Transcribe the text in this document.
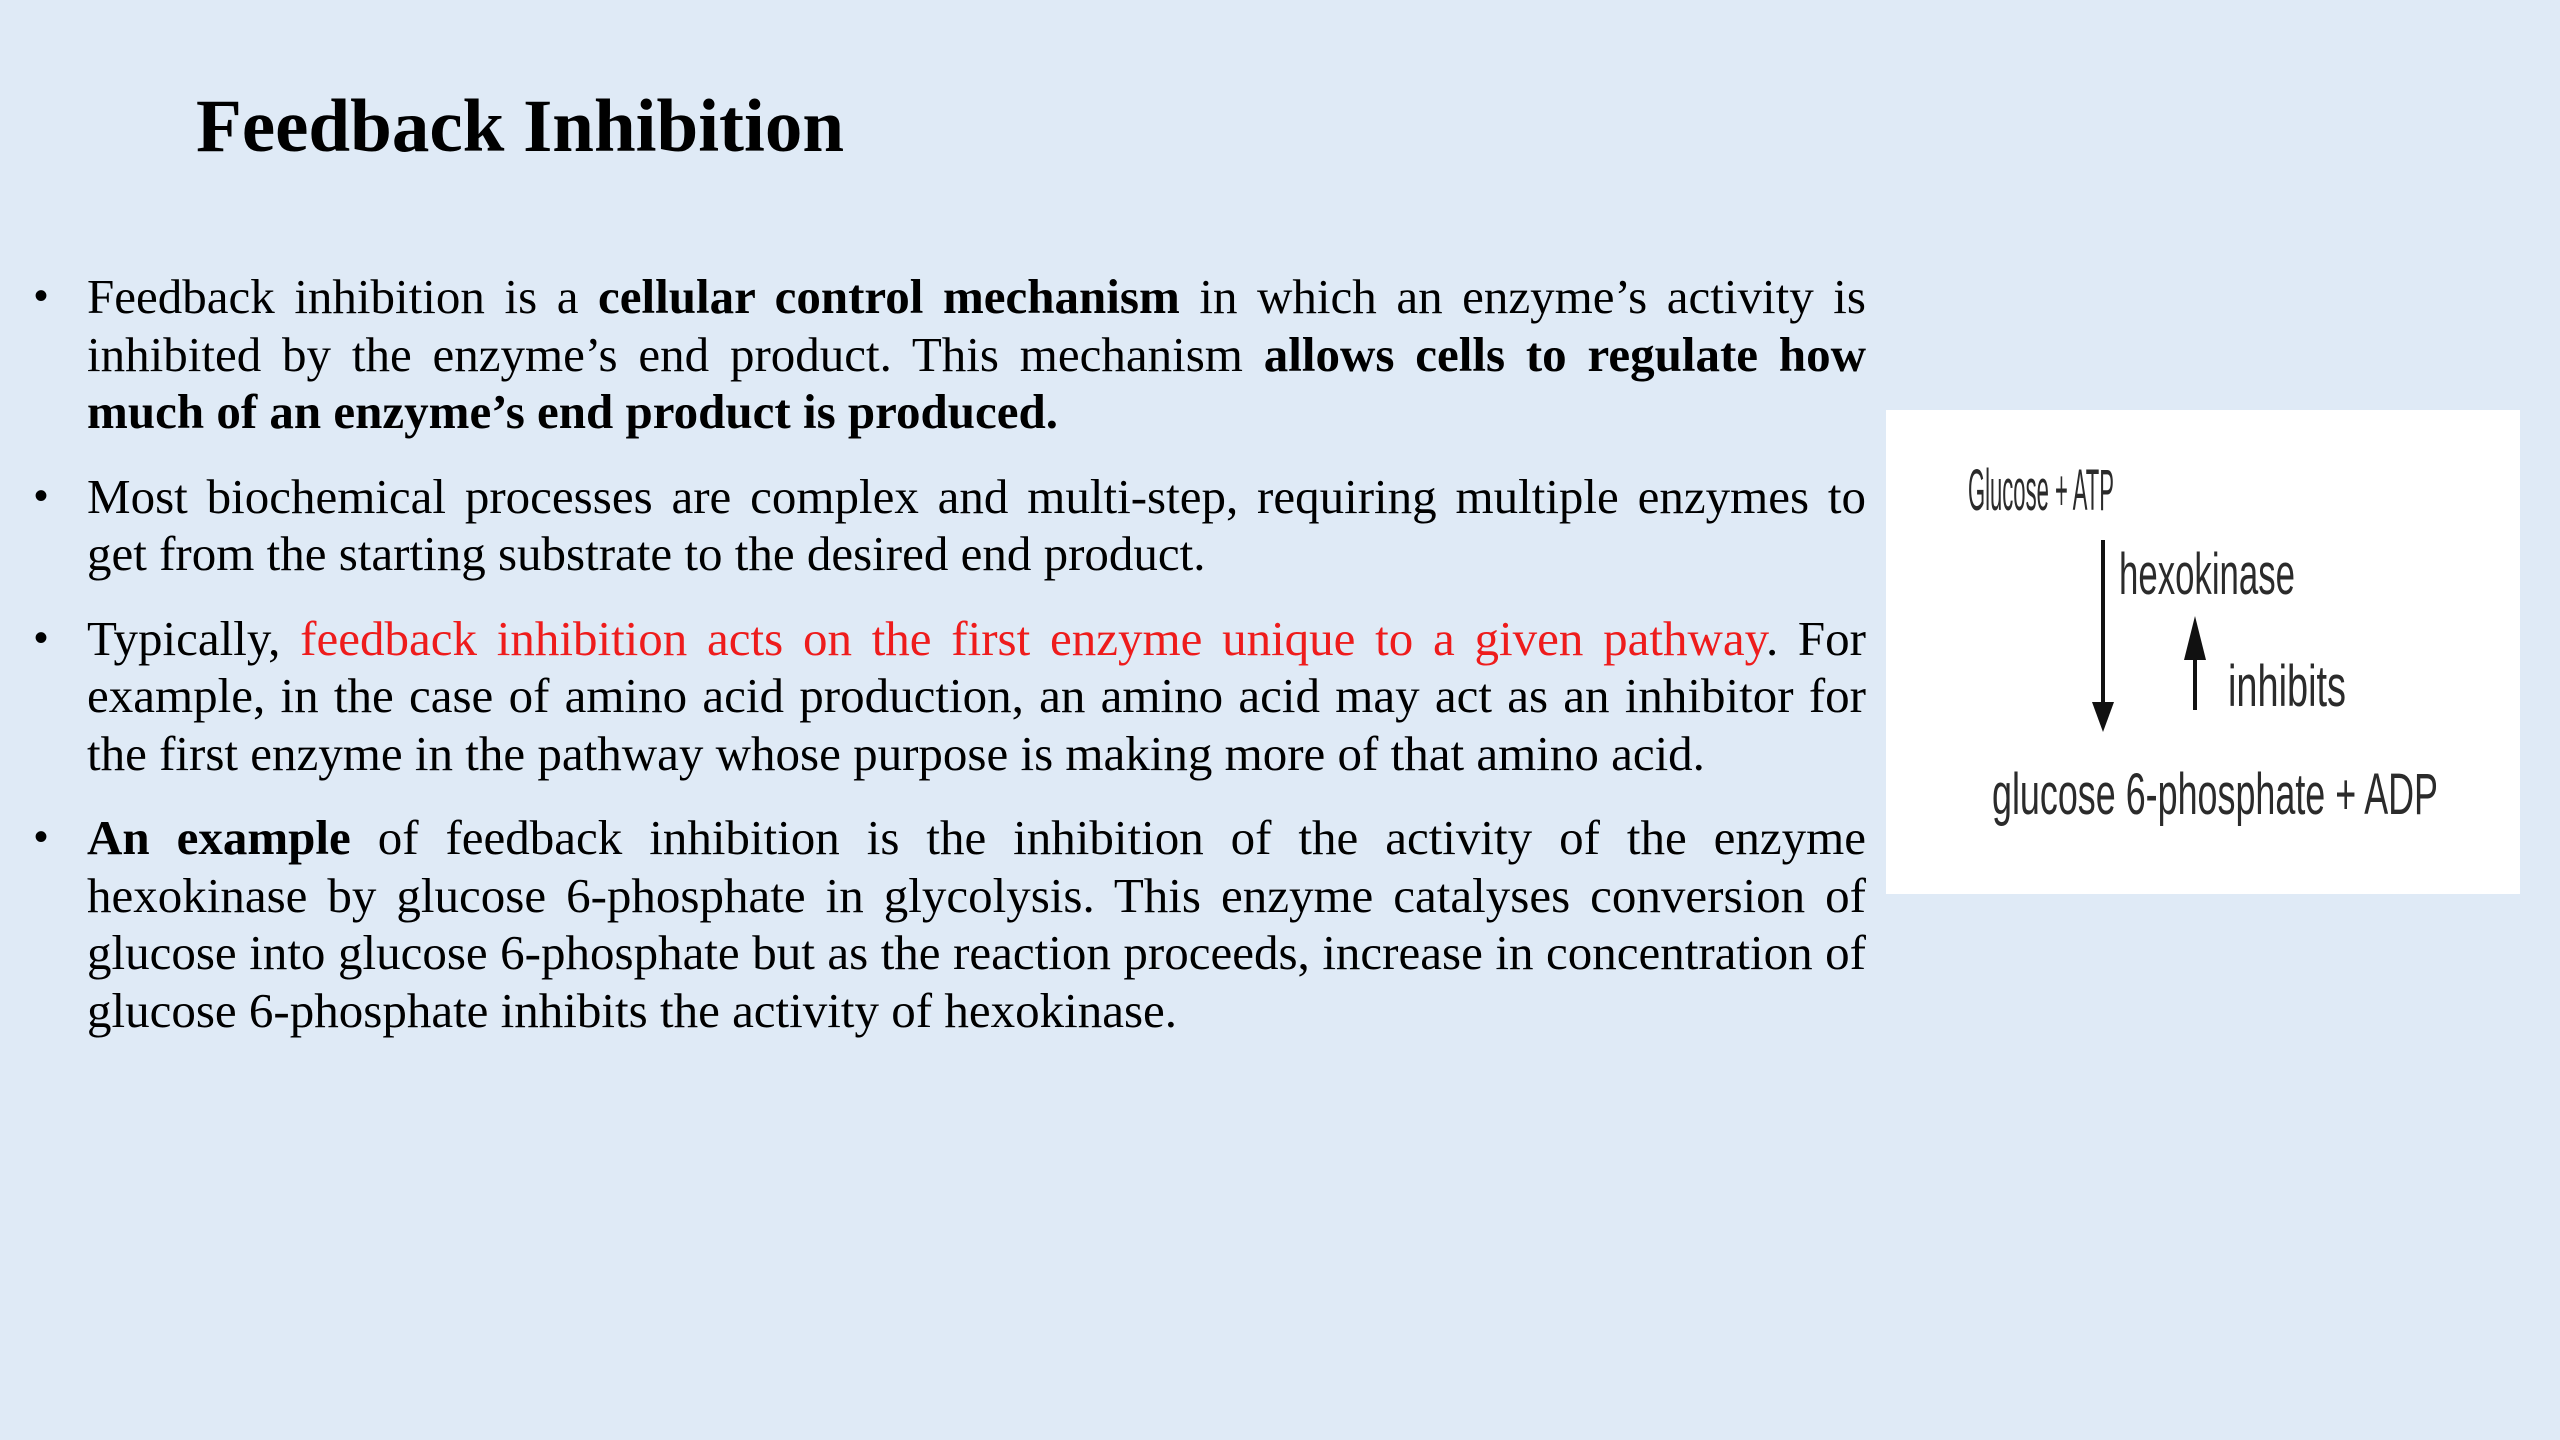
Feedback Inhibition
• Feedback inhibition is a cellular control mechanism in which an enzyme’s activity is inhibited by the enzyme’s end product. This mechanism allows cells to regulate how much of an enzyme’s end product is produced.
• Most biochemical processes are complex and multi-step, requiring multiple enzymes to get from the starting substrate to the desired end product.
• Typically, feedback inhibition acts on the first enzyme unique to a given pathway. For example, in the case of amino acid production, an amino acid may act as an inhibitor for the first enzyme in the pathway whose purpose is making more of that amino acid.
• An example of feedback inhibition is the inhibition of the activity of the enzyme hexokinase by glucose 6-phosphate in glycolysis. This enzyme catalyses conversion of glucose into glucose 6-phosphate but as the reaction proceeds, increase in concentration of glucose 6-phosphate inhibits the activity of hexokinase.
Glucose + ATP
hexokinase
inhibits
glucose 6-phosphate + ADP
